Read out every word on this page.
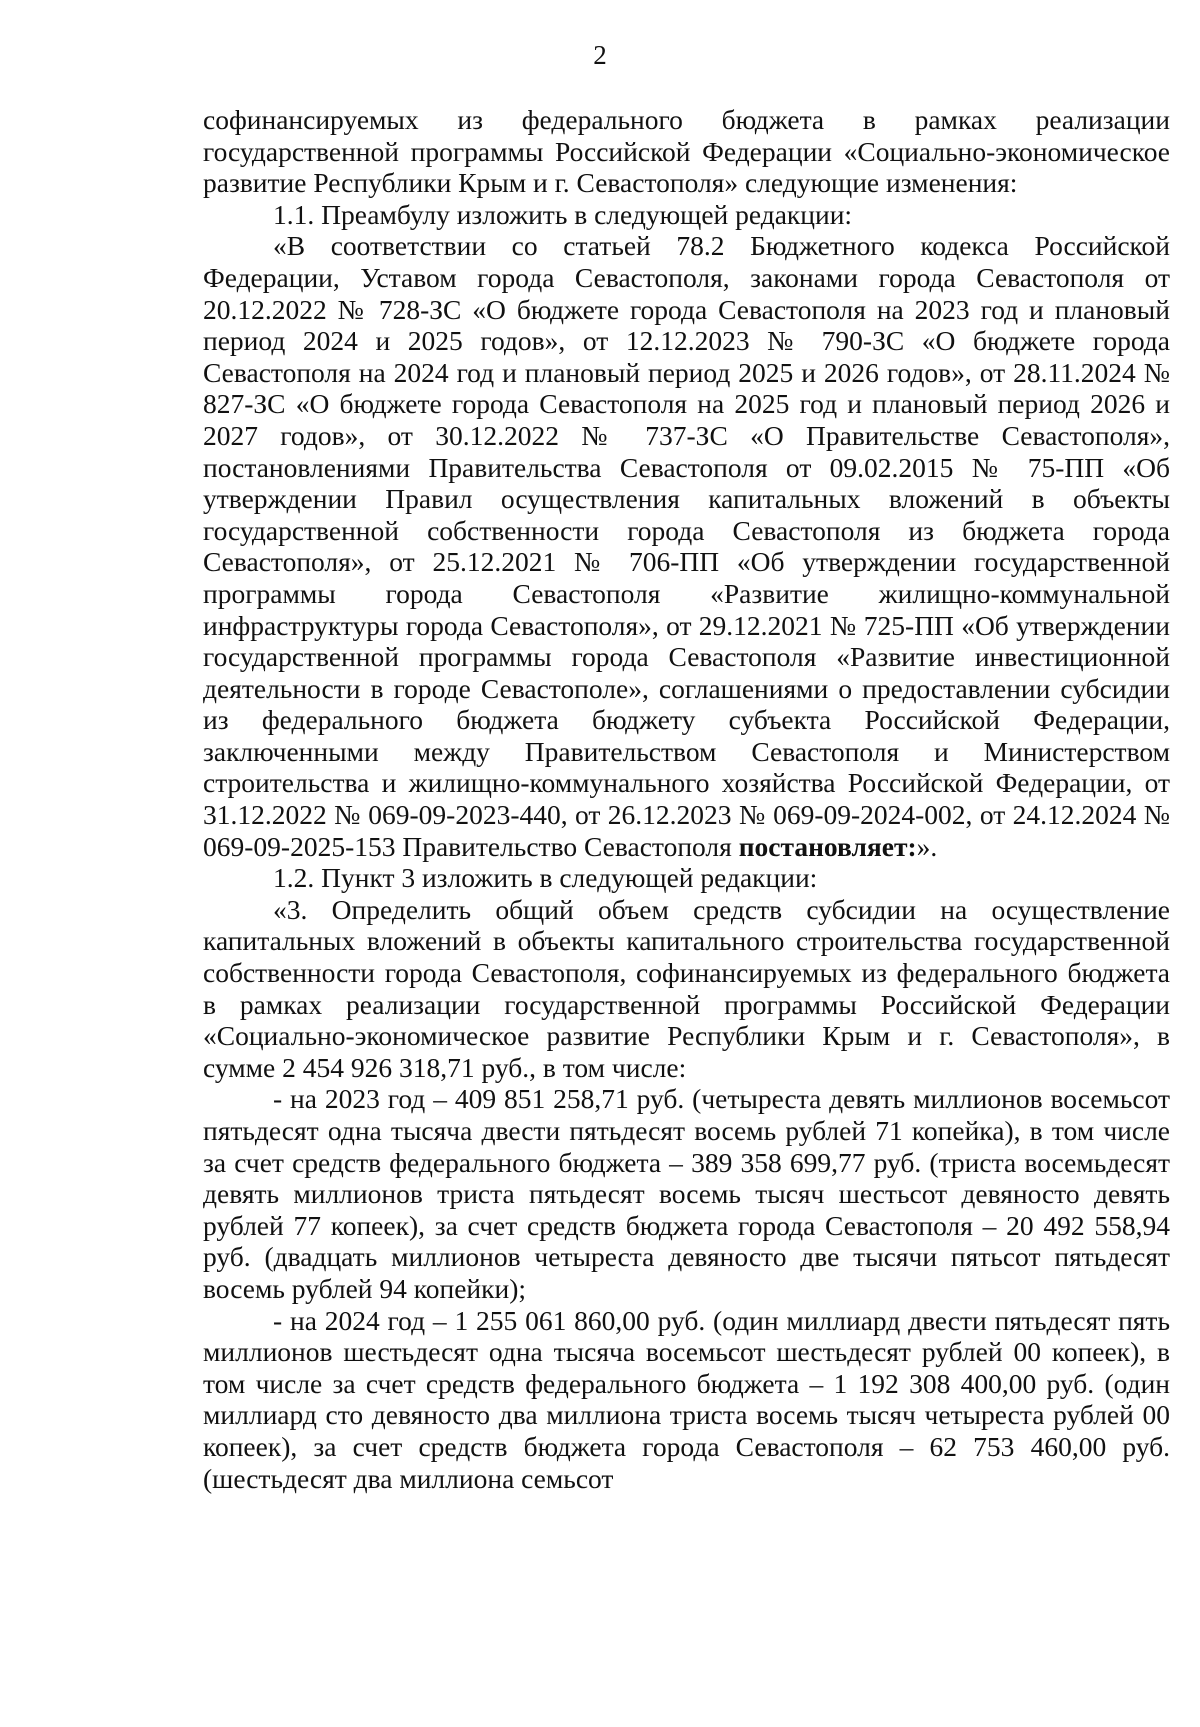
2

софинансируемых из федерального бюджета в рамках реализации государственной программы Российской Федерации «Социально-экономическое развитие Республики Крым и г. Севастополя» следующие изменения:

1.1. Преамбулу изложить в следующей редакции:

«В соответствии со статьей 78.2 Бюджетного кодекса Российской Федерации, Уставом города Севастополя, законами города Севастополя от 20.12.2022 № 728-ЗС «О бюджете города Севастополя на 2023 год и плановый период 2024 и 2025 годов», от 12.12.2023 № 790-ЗС «О бюджете города Севастополя на 2024 год и плановый период 2025 и 2026 годов», от 28.11.2024 № 827-ЗС «О бюджете города Севастополя на 2025 год и плановый период 2026 и 2027 годов», от 30.12.2022 № 737-ЗС «О Правительстве Севастополя», постановлениями Правительства Севастополя от 09.02.2015 № 75-ПП «Об утверждении Правил осуществления капитальных вложений в объекты государственной собственности города Севастополя из бюджета города Севастополя», от 25.12.2021 № 706-ПП «Об утверждении государственной программы города Севастополя «Развитие жилищно-коммунальной инфраструктуры города Севастополя», от 29.12.2021 № 725-ПП «Об утверждении государственной программы города Севастополя «Развитие инвестиционной деятельности в городе Севастополе», соглашениями о предоставлении субсидии из федерального бюджета бюджету субъекта Российской Федерации, заключенными между Правительством Севастополя и Министерством строительства и жилищно-коммунального хозяйства Российской Федерации, от 31.12.2022 № 069-09-2023-440, от 26.12.2023 № 069-09-2024-002, от 24.12.2024 № 069-09-2025-153 Правительство Севастополя постановляет:».

1.2. Пункт 3 изложить в следующей редакции:

«3. Определить общий объем средств субсидии на осуществление капитальных вложений в объекты капитального строительства государственной собственности города Севастополя, софинансируемых из федерального бюджета в рамках реализации государственной программы Российской Федерации «Социально-экономическое развитие Республики Крым и г. Севастополя», в сумме 2 454 926 318,71 руб., в том числе:

- на 2023 год – 409 851 258,71 руб. (четыреста девять миллионов восемьсот пятьдесят одна тысяча двести пятьдесят восемь рублей 71 копейка), в том числе за счет средств федерального бюджета – 389 358 699,77 руб. (триста восемьдесят девять миллионов триста пятьдесят восемь тысяч шестьсот девяносто девять рублей 77 копеек), за счет средств бюджета города Севастополя – 20 492 558,94 руб. (двадцать миллионов четыреста девяносто две тысячи пятьсот пятьдесят восемь рублей 94 копейки);

- на 2024 год – 1 255 061 860,00 руб. (один миллиард двести пятьдесят пять миллионов шестьдесят одна тысяча восемьсот шестьдесят рублей 00 копеек), в том числе за счет средств федерального бюджета – 1 192 308 400,00 руб. (один миллиард сто девяносто два миллиона триста восемь тысяч четыреста рублей 00 копеек), за счет средств бюджета города Севастополя – 62 753 460,00 руб. (шестьдесят два миллиона семьсот
